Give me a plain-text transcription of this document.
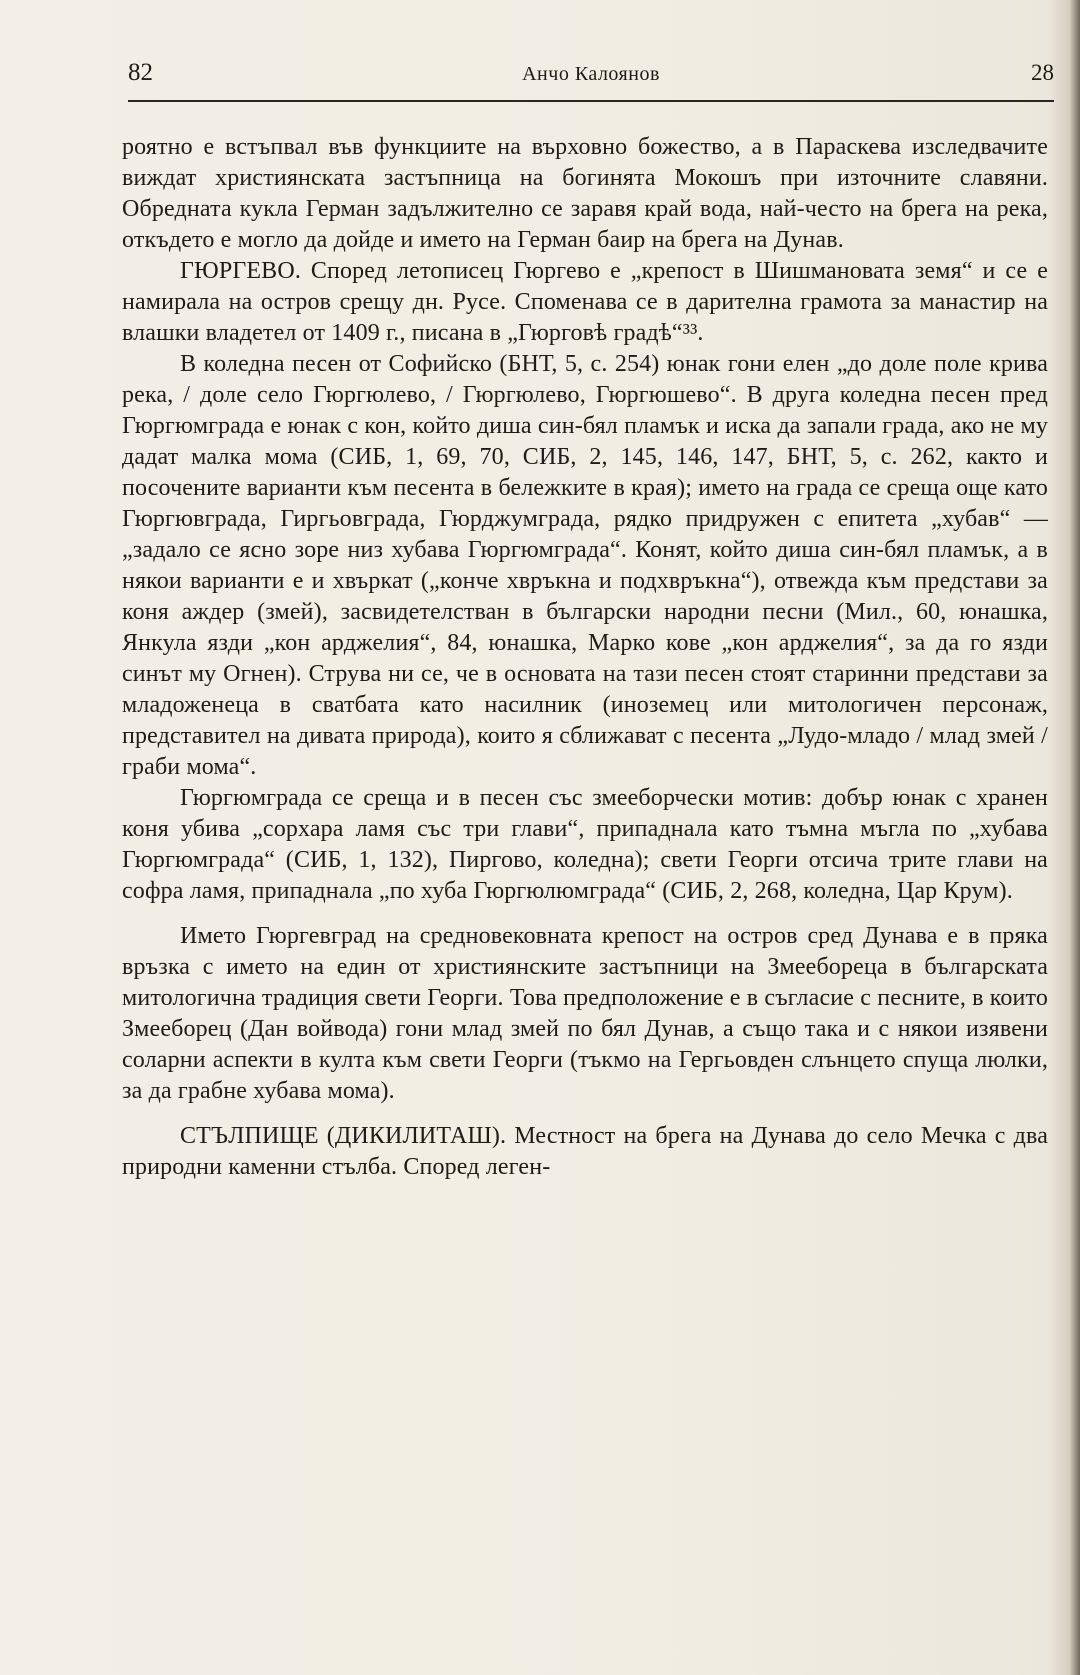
82	Анчо Калоянов	28

роятно е встъпвал във функциите на върховно божество, а в Параскева изследвачите виждат християнската застъпница на богинята Мокошъ при източните славяни. Обредната кукла Герман задължително се заравя край вода, най-често на брега на река, откъдето е могло да дойде и името на Герман баир на брега на Дунав.

ГЮРГЕВО. Според летописец Гюргево е „крепост в Шишмановата земя“ и се е намирала на остров срещу дн. Русе. Споменава се в дарителна грамота за манастир на влашки владетел от 1409 г., писана в „Гюрговѣ градѣ“³³.

В коледна песен от Софийско (БНТ, 5, с. 254) юнак гони елен „до доле поле крива река, / доле село Гюргюлево, / Гюргюлево, Гюргюшево“. В друга коледна песен пред Гюргюмграда е юнак с кон, който диша син-бял пламък и иска да запали града, ако не му дадат малка мома (СИБ, 1, 69, 70, СИБ, 2, 145, 146, 147, БНТ, 5, с. 262, както и посочените варианти към песента в бележките в края); името на града се среща още като Гюргювграда, Гиргьовграда, Гюрджумграда, рядко придружен с епитета „хубав“ — „задало се ясно зоре низ хубава Гюргюмграда“. Конят, който диша син-бял пламък, а в някои варианти е и хвъркат („конче хвръкна и подхвръкна“), отвежда към представи за коня аждер (змей), засвидетелстван в български народни песни (Мил., 60, юнашка, Янкула язди „кон арджелия“, 84, юнашка, Марко кове „кон арджелия“, за да го язди синът му Огнен). Струва ни се, че в основата на тази песен стоят старинни представи за младоженеца в сватбата като насилник (иноземец или митологичен персонаж, представител на дивата природа), които я сближават с песента „Лудо-младо / млад змей / граби мома“.

Гюргюмграда се среща и в песен със змееборчески мотив: добър юнак с хранен коня убива „сорхара ламя със три глави“, припаднала като тъмна мъгла по „хубава Гюргюмграда“ (СИБ, 1, 132), Пиргово, коледна); свети Георги отсича трите глави на софра ламя, припаднала „по хуба Гюргюлюмграда“ (СИБ, 2, 268, коледна, Цар Крум).

Името Гюргевград на средновековната крепост на остров сред Дунава е в пряка връзка с името на един от християнските застъпници на Змееборeца в българската митологична традиция свети Георги. Това предположение е в съгласие с песните, в които Змееборец (Дан войвода) гони млад змей по бял Дунав, а също така и с някои изявени соларни аспекти в култа към свети Георги (тъкмо на Гергьовден слънцето спуща люлки, за да грабне хубава мома).

СТЪЛПИЩЕ (ДИКИЛИТАШ). Местност на брега на Дунава до село Мечка с два природни каменни стълба. Според леген-
